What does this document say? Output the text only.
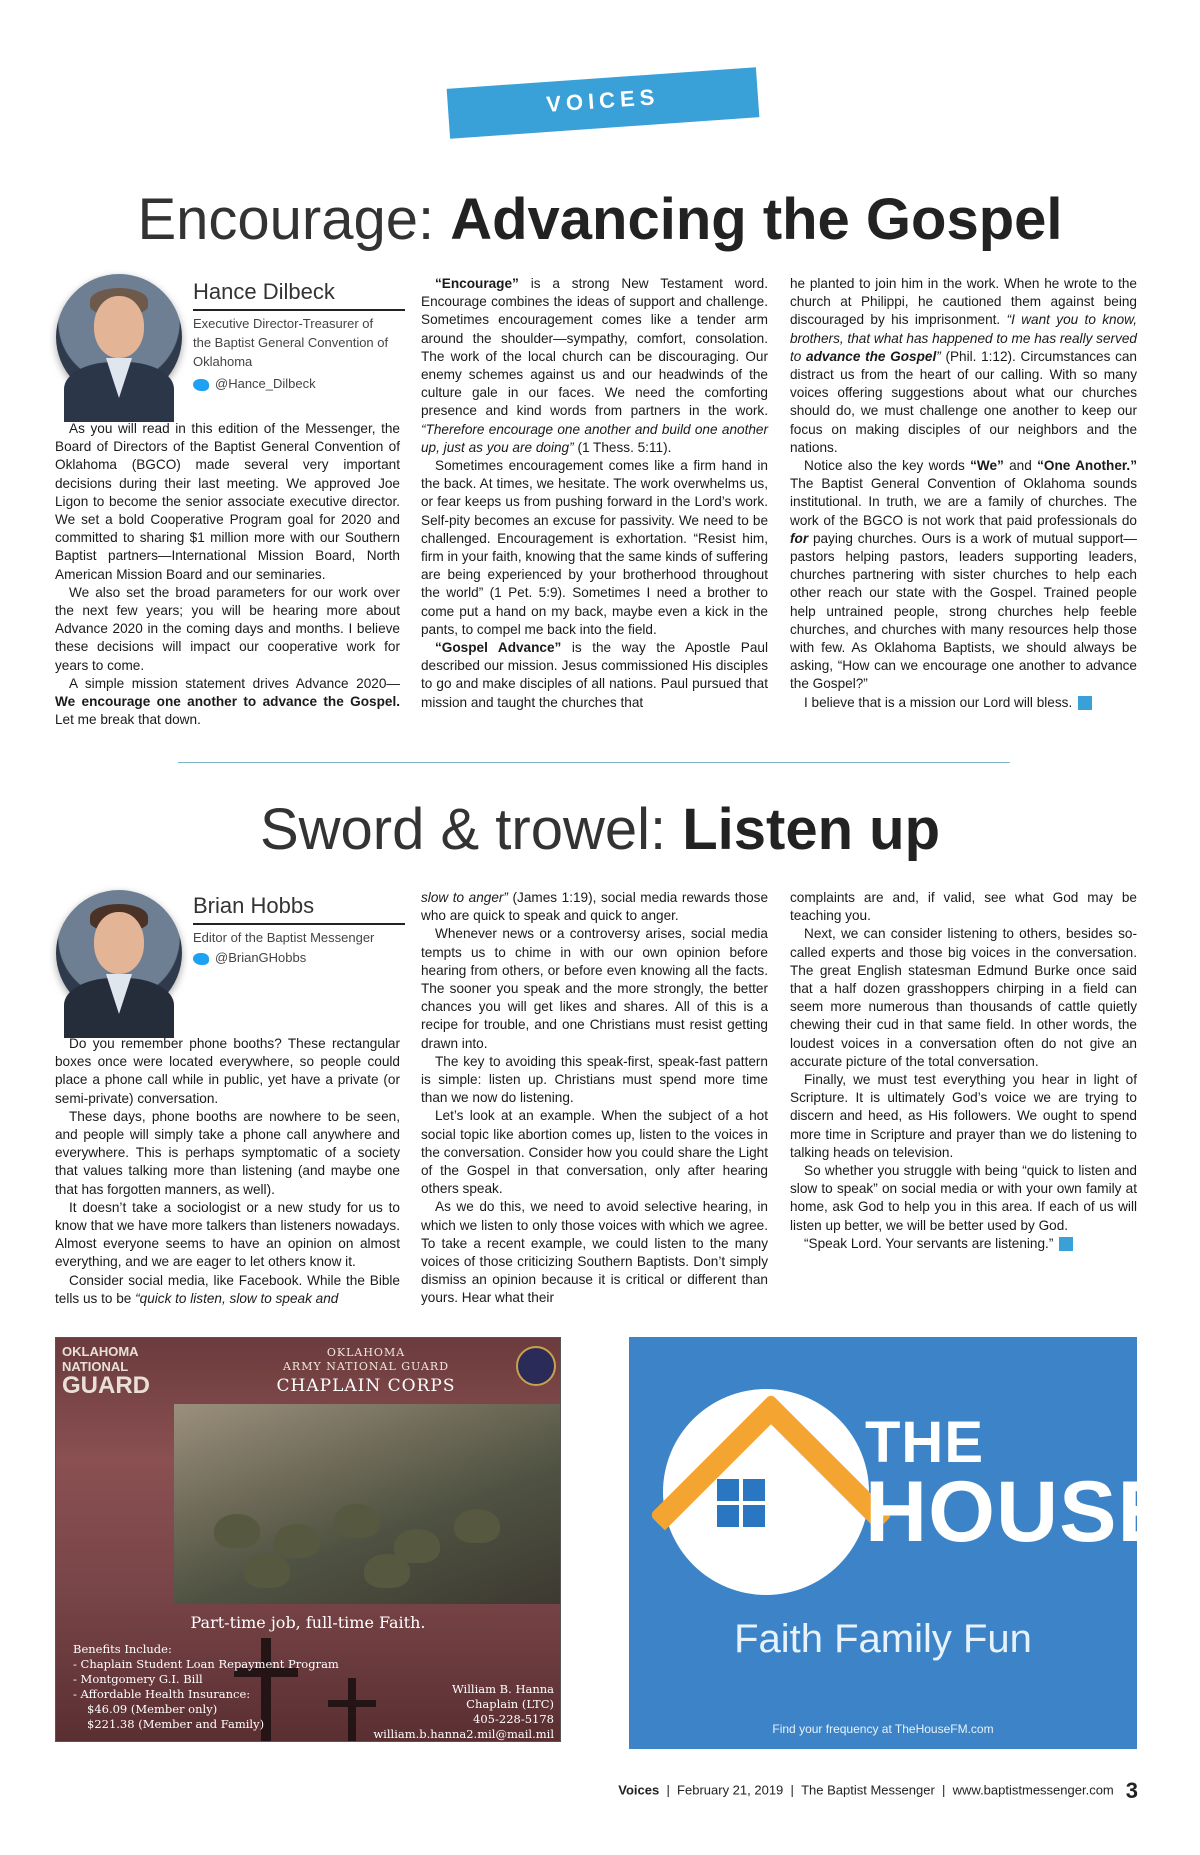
VOICES
Encourage: Advancing the Gospel
Hance Dilbeck
Executive Director-Treasurer of the Baptist General Convention of Oklahoma
@Hance_Dilbeck

As you will read in this edition of the Messenger, the Board of Directors of the Baptist General Convention of Oklahoma (BGCO) made several very important decisions during their last meeting. We approved Joe Ligon to become the senior associate executive director. We set a bold Cooperative Program goal for 2020 and committed to sharing $1 million more with our Southern Baptist partners—International Mission Board, North American Mission Board and our seminaries.

We also set the broad parameters for our work over the next few years; you will be hearing more about Advance 2020 in the coming days and months. I believe these decisions will impact our cooperative work for years to come.

A simple mission statement drives Advance 2020— We encourage one another to advance the Gospel. Let me break that down.

“Encourage” is a strong New Testament word. Encourage combines the ideas of support and challenge. Sometimes encouragement comes like a tender arm around the shoulder—sympathy, comfort, consolation. The work of the local church can be discouraging. Our enemy schemes against us and our headwinds of the culture gale in our faces. We need the comforting presence and kind words from partners in the work. “Therefore encourage one another and build one another up, just as you are doing” (1 Thess. 5:11).

Sometimes encouragement comes like a firm hand in the back. At times, we hesitate. The work overwhelms us, or fear keeps us from pushing forward in the Lord’s work. Self-pity becomes an excuse for passivity. We need to be challenged. Encouragement is exhortation. “Resist him, firm in your faith, knowing that the same kinds of suffering are being experienced by your brotherhood throughout the world” (1 Pet. 5:9). Sometimes I need a brother to come put a hand on my back, maybe even a kick in the pants, to compel me back into the field.

“Gospel Advance” is the way the Apostle Paul described our mission. Jesus commissioned His disciples to go and make disciples of all nations. Paul pursued that mission and taught the churches that

he planted to join him in the work. When he wrote to the church at Philippi, he cautioned them against being discouraged by his imprisonment. “I want you to know, brothers, that what has happened to me has really served to advance the Gospel” (Phil. 1:12). Circumstances can distract us from the heart of our calling. With so many voices offering suggestions about what our churches should do, we must challenge one another to keep our focus on making disciples of our neighbors and the nations.

Notice also the key words “We” and “One Another.” The Baptist General Convention of Oklahoma sounds institutional. In truth, we are a family of churches. The work of the BGCO is not work that paid professionals do for paying churches. Ours is a work of mutual support—pastors helping pastors, leaders supporting leaders, churches partnering with sister churches to help each other reach our state with the Gospel. Trained people help untrained people, strong churches help feeble churches, and churches with many resources help those with few. As Oklahoma Baptists, we should always be asking, “How can we encourage one another to advance the Gospel?”

I believe that is a mission our Lord will bless. m

Sword & trowel: Listen up
Brian Hobbs
Editor of the Baptist Messenger
@BrianGHobbs

Do you remember phone booths? These rectangular boxes once were located everywhere, so people could place a phone call while in public, yet have a private (or semi-private) conversation.

These days, phone booths are nowhere to be seen, and people will simply take a phone call anywhere and everywhere. This is perhaps symptomatic of a society that values talking more than listening (and maybe one that has forgotten manners, as well).

It doesn’t take a sociologist or a new study for us to know that we have more talkers than listeners nowadays. Almost everyone seems to have an opinion on almost everything, and we are eager to let others know it.

Consider social media, like Facebook. While the Bible tells us to be “quick to listen, slow to speak and

slow to anger” (James 1:19), social media rewards those who are quick to speak and quick to anger.

Whenever news or a controversy arises, social media tempts us to chime in with our own opinion before hearing from others, or before even knowing all the facts. The sooner you speak and the more strongly, the better chances you will get likes and shares. All of this is a recipe for trouble, and one Christians must resist getting drawn into.

The key to avoiding this speak-first, speak-fast pattern is simple: listen up. Christians must spend more time than we now do listening.

Let’s look at an example. When the subject of a hot social topic like abortion comes up, listen to the voices in the conversation. Consider how you could share the Light of the Gospel in that conversation, only after hearing others speak.

As we do this, we need to avoid selective hearing, in which we listen to only those voices with which we agree. To take a recent example, we could listen to the many voices of those criticizing Southern Baptists. Don’t simply dismiss an opinion because it is critical or different than yours. Hear what their

complaints are and, if valid, see what God may be teaching you.

Next, we can consider listening to others, besides so-called experts and those big voices in the conversation. The great English statesman Edmund Burke once said that a half dozen grasshoppers chirping in a field can seem more numerous than thousands of cattle quietly chewing their cud in that same field. In other words, the loudest voices in a conversation often do not give an accurate picture of the total conversation.

Finally, we must test everything you hear in light of Scripture. It is ultimately God’s voice we are trying to discern and heed, as His followers. We ought to spend more time in Scripture and prayer than we do listening to talking heads on television.

So whether you struggle with being “quick to listen and slow to speak” on social media or with your own family at home, ask God to help you in this area. If each of us will listen up better, we will be better used by God.

“Speak Lord. Your servants are listening.” m

OKLAHOMA
NATIONAL
GUARD
OKLAHOMA
ARMY NATIONAL GUARD
CHAPLAIN CORPS
Part-time job, full-time Faith.
Benefits Include:
- Chaplain Student Loan Repayment Program
- Montgomery G.I. Bill
- Affordable Health Insurance:
$46.09 (Member only)
$221.38 (Member and Family)
William B. Hanna
Chaplain (LTC)
405-228-5178
william.b.hanna2.mil@mail.mil
THE
HOUSE
Faith Family Fun
Find your frequency at TheHouseFM.com
Voices  |  February 21, 2019  |  The Baptist Messenger  |  www.baptistmessenger.com 3
